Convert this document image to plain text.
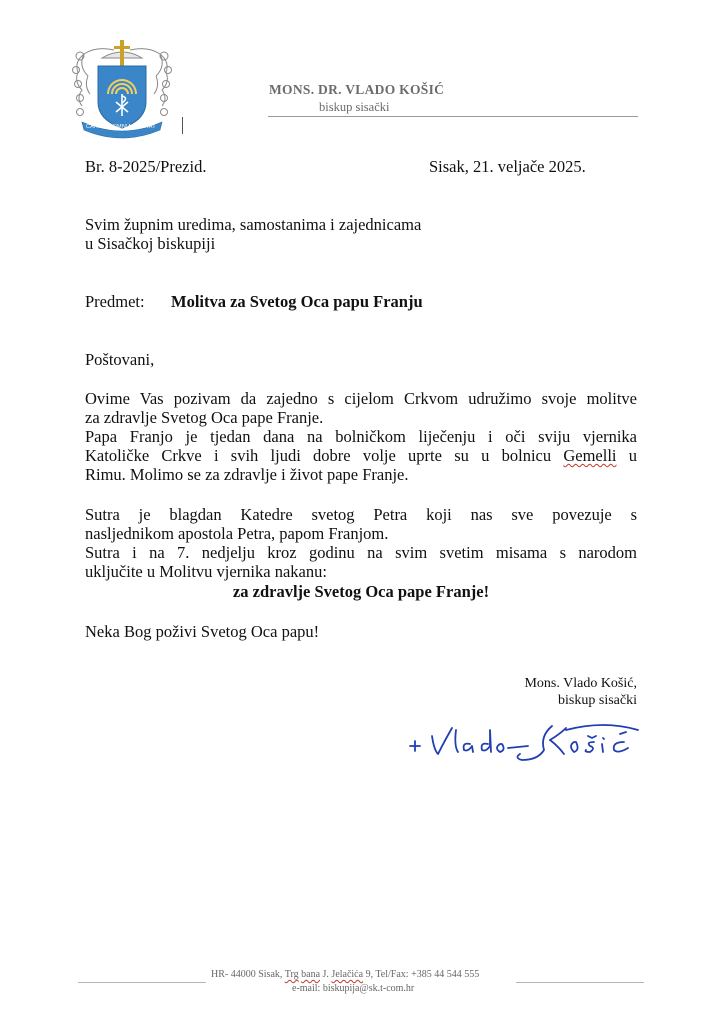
CARITAS OMNIA SPERAT
MONS. DR. VLADO KOŠIĆ
biskup sisački
Br. 8-2025/Prezid.	Sisak, 21. veljače 2025.
Svim župnim uredima, samostanima i zajednicama
u Sisačkoj biskupiji
Predmet: Molitva za Svetog Oca papu Franju
Poštovani,
Ovime Vas pozivam da zajedno s cijelom Crkvom udružimo svoje molitve
za zdravlje Svetog Oca pape Franje.
Papa Franjo je tjedan dana na bolničkom liječenju i oči sviju vjernika
Katoličke Crkve i svih ljudi dobre volje uprte su u bolnicu Gemelli u
Rimu. Molimo se za zdravlje i život pape Franje.
Sutra je blagdan Katedre svetog Petra koji nas sve povezuje s
nasljednikom apostola Petra, papom Franjom.
Sutra i na 7. nedjelju kroz godinu na svim svetim misama s narodom
uključite u Molitvu vjernika nakanu:
za zdravlje Svetog Oca pape Franje!
Neka Bog poživi Svetog Oca papu!
Mons. Vlado Košić,
biskup sisački
HR- 44000 Sisak, Trg bana J. Jelačića 9, Tel/Fax: +385 44 544 555
e-mail: biskupija@sk.t-com.hr
